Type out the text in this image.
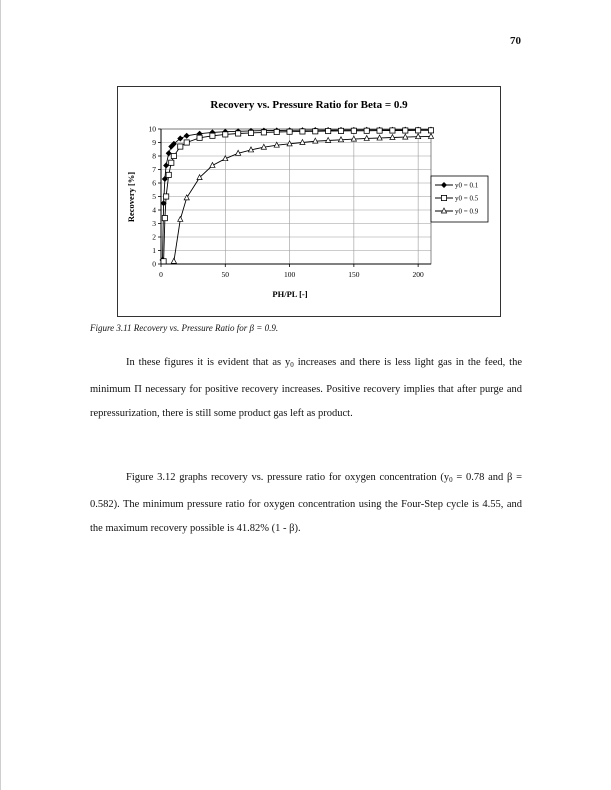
70
Recovery vs. Pressure Ratio for Beta = 0.9
0
1
2
3
4
5
6
7
8
9
10
0	50	100	150	200
PH/PL [-]
Recovery [%]	y0 = 0.1
y0 = 0.5
y0 = 0.9
Figure 3.11 Recovery vs. Pressure Ratio for β = 0.9.
In these figures it is evident that as $y_0$ increases and there is less light gas in the feed, the minimum Π necessary for positive recovery increases. Positive recovery implies that after purge and repressurization, there is still some product gas left as product.
Figure 3.12 graphs recovery vs. pressure ratio for oxygen concentration ($y_0 = 0.78$ and β = 0.582). The minimum pressure ratio for oxygen concentration using the Four-Step cycle is 4.55, and the maximum recovery possible is 41.82% (1 - β).
